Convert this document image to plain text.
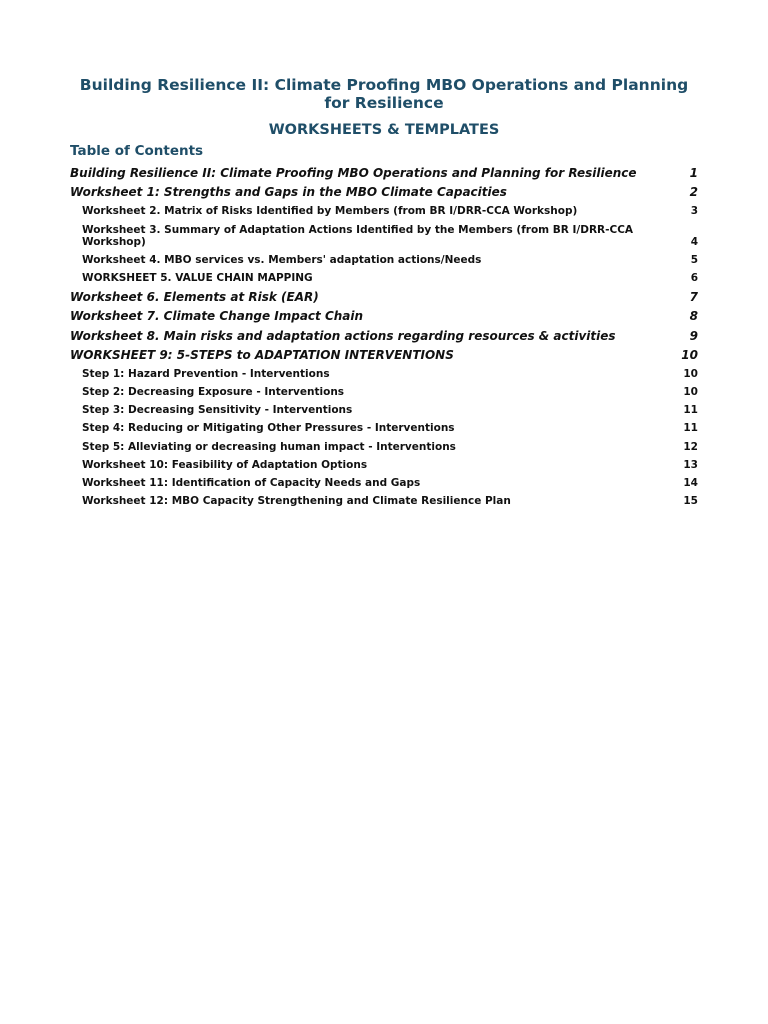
Building Resilience II: Climate Proofing MBO Operations and Planning for Resilience
WORKSHEETS & TEMPLATES
Table of Contents
Building Resilience II: Climate Proofing MBO Operations and Planning for Resilience	1
Worksheet 1: Strengths and Gaps in the MBO Climate Capacities	2
Worksheet 2. Matrix of Risks Identified by Members (from BR I/DRR-CCA Workshop)	3
Worksheet 3. Summary of Adaptation Actions Identified by the Members (from BR I/DRR-CCA Workshop)	4
Worksheet 4. MBO services vs. Members' adaptation actions/Needs	5
WORKSHEET 5. VALUE CHAIN MAPPING	6
Worksheet 6. Elements at Risk (EAR)	7
Worksheet 7. Climate Change Impact Chain	8
Worksheet 8. Main risks and adaptation actions regarding resources & activities	9
WORKSHEET 9: 5-STEPS to ADAPTATION INTERVENTIONS	10
Step 1: Hazard Prevention - Interventions	10
Step 2: Decreasing Exposure - Interventions	10
Step 3: Decreasing Sensitivity - Interventions	11
Step 4: Reducing or Mitigating Other Pressures - Interventions	11
Step 5: Alleviating or decreasing human impact - Interventions	12
Worksheet 10: Feasibility of Adaptation Options	13
Worksheet 11: Identification of Capacity Needs and Gaps	14
Worksheet 12: MBO Capacity Strengthening and Climate Resilience Plan	15
